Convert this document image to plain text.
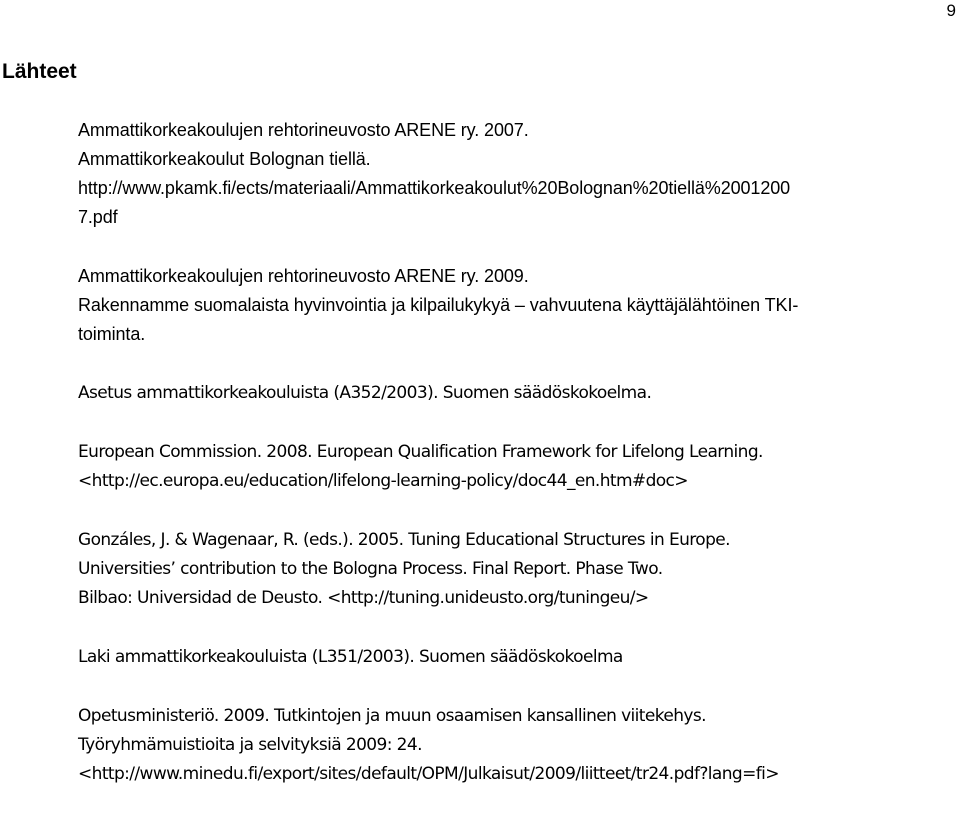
9
Lähteet
Ammattikorkeakoulujen rehtorineuvosto ARENE ry. 2007.
Ammattikorkeakoulut Bolognan tiellä.
http://www.pkamk.fi/ects/materiaali/Ammattikorkeakoulut%20Bolognan%20tiellä%2001200
7.pdf
Ammattikorkeakoulujen rehtorineuvosto ARENE ry. 2009.
Rakennamme suomalaista hyvinvointia ja kilpailukykyä – vahvuutena käyttäjälähtöinen TKI-
toiminta.
Asetus ammattikorkeakouluista (A352/2003). Suomen säädöskokoelma.
European Commission. 2008. European Qualification Framework for Lifelong Learning.
<http://ec.europa.eu/education/lifelong-learning-policy/doc44_en.htm#doc>
Gonzáles, J. & Wagenaar, R. (eds.). 2005. Tuning Educational Structures in Europe.
Universities’ contribution to the Bologna Process. Final Report. Phase Two.
Bilbao: Universidad de Deusto. <http://tuning.unideusto.org/tuningeu/>
Laki ammattikorkeakouluista (L351/2003). Suomen säädöskokoelma
Opetusministeriö. 2009. Tutkintojen ja muun osaamisen kansallinen viitekehys.
Työryhmämuistioita ja selvityksiä 2009: 24.
<http://www.minedu.fi/export/sites/default/OPM/Julkaisut/2009/liitteet/tr24.pdf?lang=fi>
